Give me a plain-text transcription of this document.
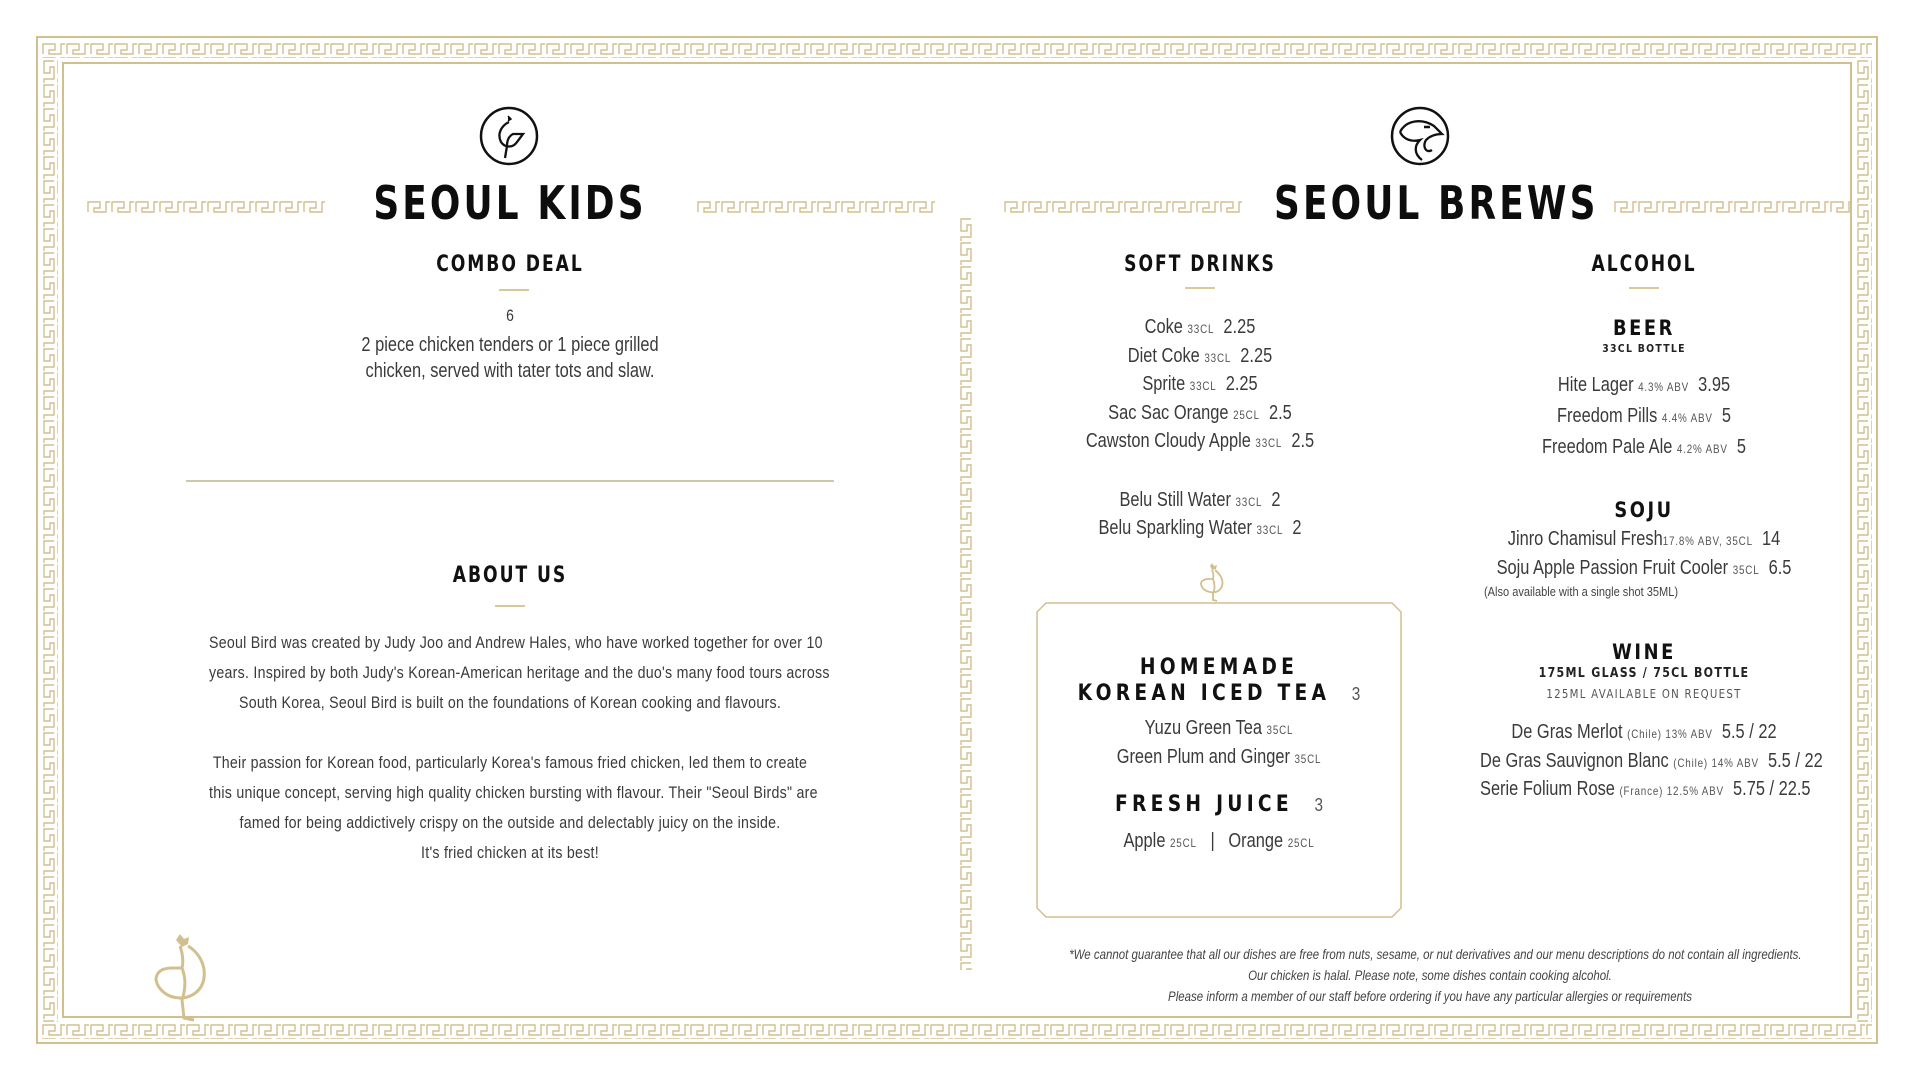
SEOUL KIDS
COMBO DEAL
6
2 piece chicken tenders or 1 piece grilled
chicken, served with tater tots and slaw.
ABOUT US
Seoul Bird was created by Judy Joo and Andrew Hales, who have worked together for over 10
years. Inspired by both Judy's Korean-American heritage and the duo's many food tours across
South Korea, Seoul Bird is built on the foundations of Korean cooking and flavours.
Their passion for Korean food, particularly Korea's famous fried chicken, led them to create
this unique concept, serving high quality chicken bursting with flavour. Their "Seoul Birds" are
famed for being addictively crispy on the outside and delectably juicy on the inside.
It's fried chicken at its best!
SEOUL BREWS
SOFT DRINKS
Coke 33CL 2.25
Diet Coke 33CL 2.25
Sprite 33CL 2.25
Sac Sac Orange 25CL 2.5
Cawston Cloudy Apple 33CL 2.5
Belu Still Water 33CL 2
Belu Sparkling Water 33CL 2
HOMEMADE
KOREAN ICED TEA 3
Yuzu Green Tea 35CL
Green Plum and Ginger 35CL
FRESH JUICE 3
Apple 25CL | Orange 25CL
ALCOHOL
BEER
33CL BOTTLE
Hite Lager 4.3% ABV 3.95
Freedom Pills 4.4% ABV 5
Freedom Pale Ale 4.2% ABV 5
SOJU
Jinro Chamisul Fresh17.8% ABV, 35CL 14
Soju Apple Passion Fruit Cooler 35CL 6.5
(Also available with a single shot 35ML)
WINE
175ML GLASS / 75CL BOTTLE
125ML AVAILABLE ON REQUEST
De Gras Merlot (Chile) 13% ABV 5.5 / 22
De Gras Sauvignon Blanc (Chile) 14% ABV 5.5 / 22
Serie Folium Rose (France) 12.5% ABV 5.75 / 22.5
*We cannot guarantee that all our dishes are free from nuts, sesame, or nut derivatives and our menu descriptions do not contain all ingredients.
Our chicken is halal. Please note, some dishes contain cooking alcohol.
Please inform a member of our staff before ordering if you have any particular allergies or requirements
